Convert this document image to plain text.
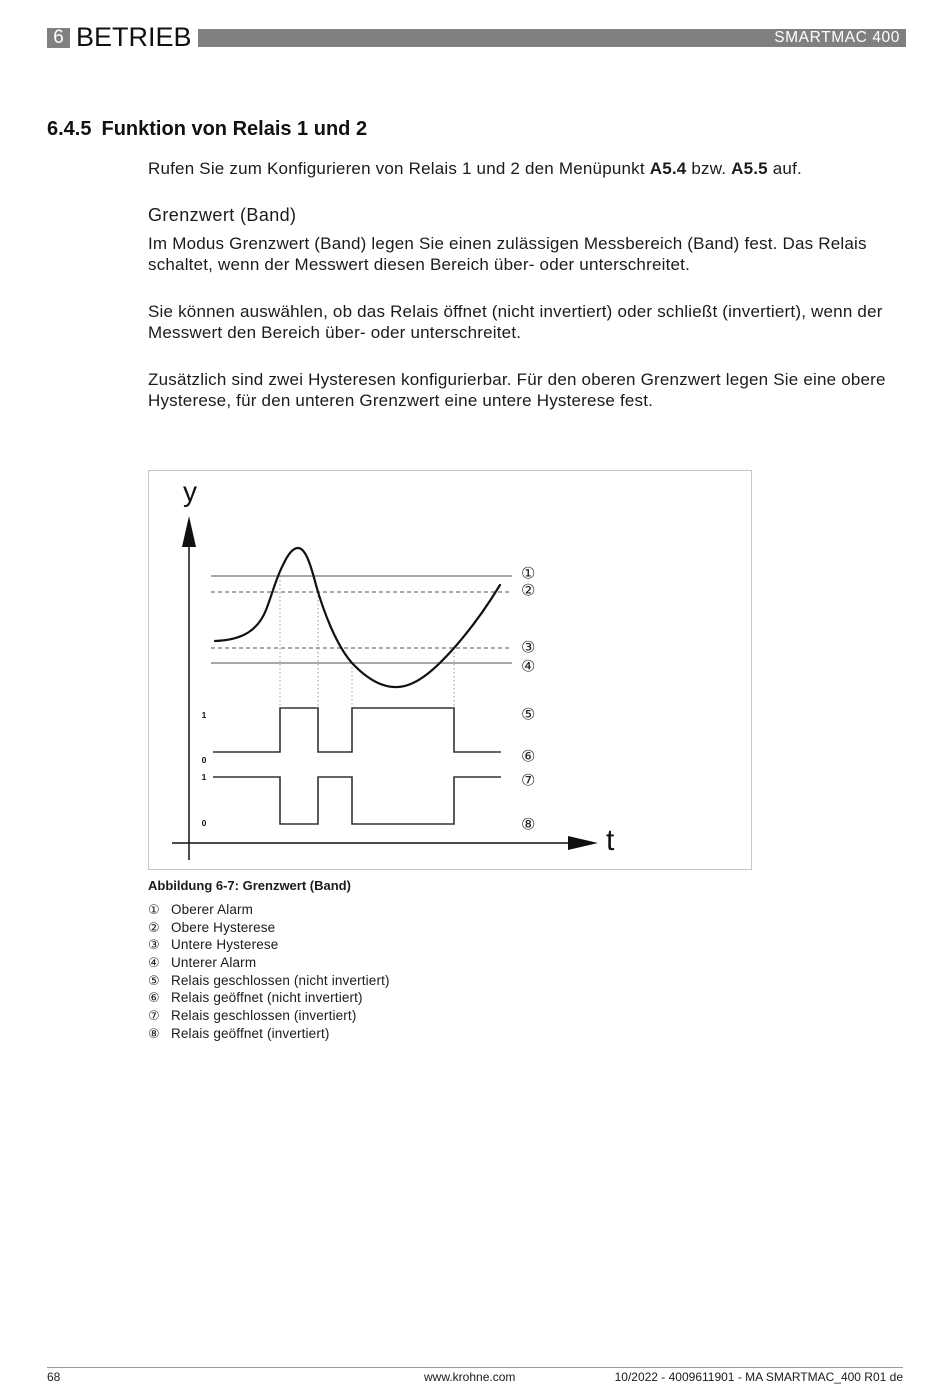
6 BETRIEB	SMARTMAC 400
6.4.5 Funktion von Relais 1 und 2
Rufen Sie zum Konfigurieren von Relais 1 und 2 den Menüpunkt A5.4 bzw. A5.5 auf.
Grenzwert (Band)

Im Modus Grenzwert (Band) legen Sie einen zulässigen Messbereich (Band) fest. Das Relais schaltet, wenn der Messwert diesen Bereich über- oder unterschreitet.

Sie können auswählen, ob das Relais öffnet (nicht invertiert) oder schließt (invertiert), wenn der Messwert den Bereich über- oder unterschreitet.

Zusätzlich sind zwei Hysteresen konfigurierbar. Für den oberen Grenzwert legen Sie eine obere Hysterese, für den unteren Grenzwert eine untere Hysterese fest.

y
t
1
0
1
0
①
②
③
④
⑤
⑥
⑦
⑧
Abbildung 6-7: Grenzwert (Band)
① Oberer Alarm
② Obere Hysterese
③ Untere Hysterese
④ Unterer Alarm
⑤ Relais geschlossen (nicht invertiert)
⑥ Relais geöffnet (nicht invertiert)
⑦ Relais geschlossen (invertiert)
⑧ Relais geöffnet (invertiert)
68	www.krohne.com	10/2022 - 4009611901 - MA SMARTMAC_400 R01 de
